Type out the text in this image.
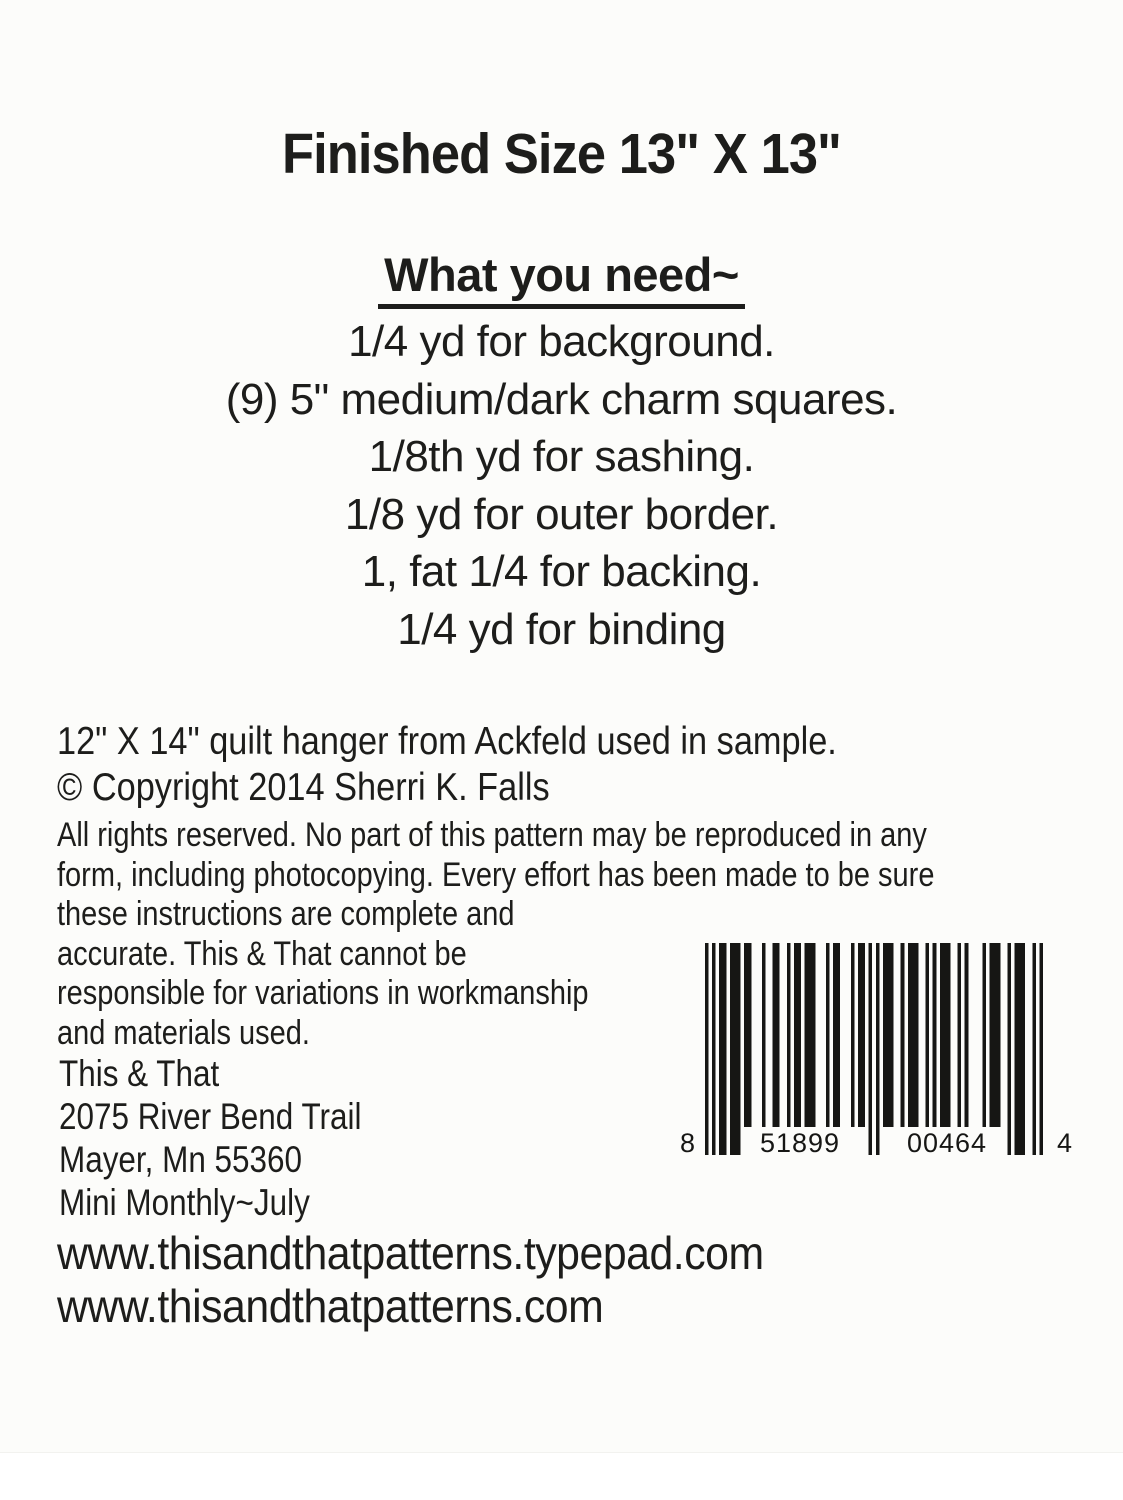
Finished Size 13" X 13"
What you need~
1/4 yd for background.
(9) 5" medium/dark charm squares.
1/8th yd for sashing.
1/8 yd for outer border.
1, fat 1/4 for backing.
1/4 yd for binding
12" X 14" quilt hanger from Ackfeld used in sample.
© Copyright 2014 Sherri K. Falls
All rights reserved. No part of this pattern may be reproduced in any
form, including photocopying. Every effort has been made to be sure
these instructions are complete and
accurate. This & That cannot be
responsible for variations in workmanship
and materials used.
This & That
2075 River Bend Trail
Mayer, Mn 55360
Mini Monthly~July
www.thisandthatpatterns.typepad.com
www.thisandthatpatterns.com
8 51899 00464	4
